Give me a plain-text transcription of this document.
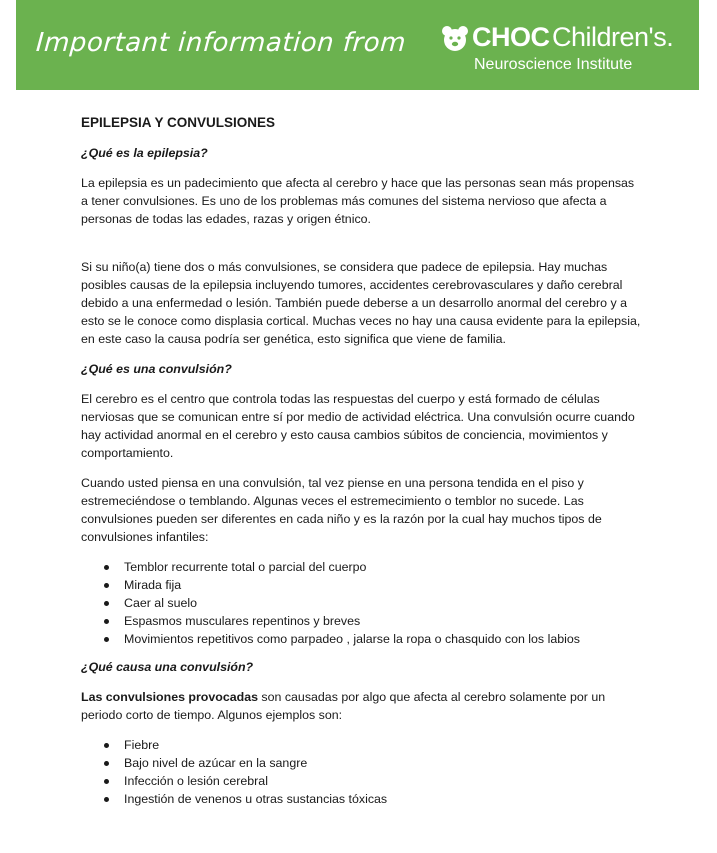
Important information from CHOC Children's.
Neuroscience Institute
EPILEPSIA Y CONVULSIONES
¿Qué es la epilepsia?

La epilepsia es un padecimiento que afecta al cerebro y hace que las personas sean más propensas a tener convulsiones. Es uno de los problemas más comunes del sistema nervioso que afecta a personas de todas las edades, razas y origen étnico.

Si su niño(a) tiene dos o más convulsiones, se considera que padece de epilepsia. Hay muchas posibles causas de la epilepsia incluyendo tumores, accidentes cerebrovasculares y daño cerebral debido a una enfermedad o lesión. También puede deberse a un desarrollo anormal del cerebro y a esto se le conoce como displasia cortical. Muchas veces no hay una causa evidente para la epilepsia, en este caso la causa podría ser genética, esto significa que viene de familia.

¿Qué es una convulsión?

El cerebro es el centro que controla todas las respuestas del cuerpo y está formado de células nerviosas que se comunican entre sí por medio de actividad eléctrica. Una convulsión ocurre cuando hay actividad anormal en el cerebro y esto causa cambios súbitos de conciencia, movimientos y comportamiento.

Cuando usted piensa en una convulsión, tal vez piense en una persona tendida en el piso y estremeciéndose o temblando. Algunas veces el estremecimiento o temblor no sucede. Las convulsiones pueden ser diferentes en cada niño y es la razón por la cual hay muchos tipos de convulsiones infantiles:

Temblor recurrente total o parcial del cuerpo
Mirada fija
Caer al suelo
Espasmos musculares repentinos y breves
Movimientos repetitivos como parpadeo , jalarse la ropa o chasquido con los labios
¿Qué causa una convulsión?

Las convulsiones provocadas son causadas por algo que afecta al cerebro solamente por un periodo corto de tiempo. Algunos ejemplos son:

Fiebre
Bajo nivel de azúcar en la sangre
Infección o lesión cerebral
Ingestión de venenos u otras sustancias tóxicas
